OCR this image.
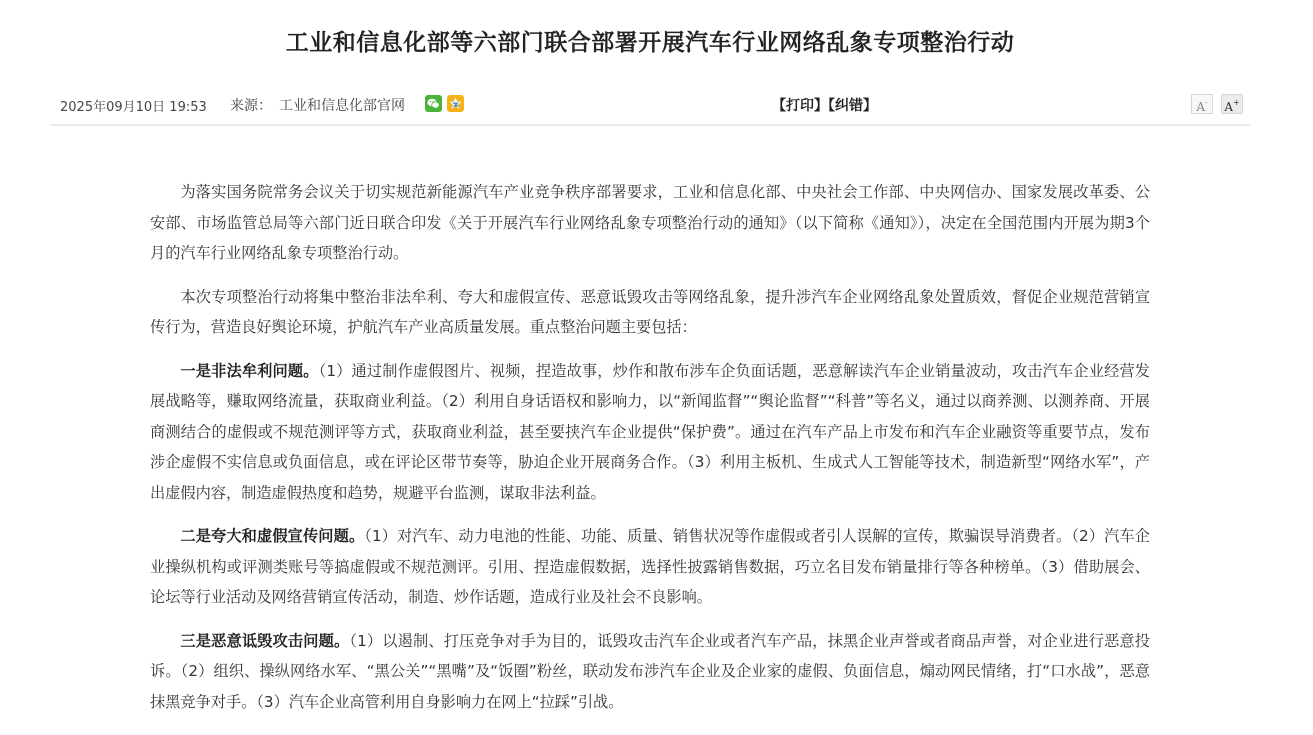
工业和信息化部等六部门联合部署开展汽车行业网络乱象专项整治行动
2025年09月10日 19:53 来源： 工业和信息化部官网	【打印】【纠错】	A-	A+

为落实国务院常务会议关于切实规范新能源汽车产业竞争秩序部署要求，工业和信息化部、中央社会工作部、中央网信办、国家发展改革委、公安部、市场监管总局等六部门近日联合印发《关于开展汽车行业网络乱象专项整治行动的通知》（以下简称《通知》），决定在全国范围内开展为期3个月的汽车行业网络乱象专项整治行动。

本次专项整治行动将集中整治非法牟利、夸大和虚假宣传、恶意诋毁攻击等网络乱象，提升涉汽车企业网络乱象处置质效，督促企业规范营销宣传行为，营造良好舆论环境，护航汽车产业高质量发展。重点整治问题主要包括：

一是非法牟利问题。（1）通过制作虚假图片、视频，捏造故事，炒作和散布涉车企负面话题，恶意解读汽车企业销量波动，攻击汽车企业经营发展战略等，赚取网络流量，获取商业利益。（2）利用自身话语权和影响力，以“新闻监督”“舆论监督”“科普”等名义，通过以商养测、以测养商、开展商测结合的虚假或不规范测评等方式，获取商业利益，甚至要挟汽车企业提供“保护费”。通过在汽车产品上市发布和汽车企业融资等重要节点，发布涉企虚假不实信息或负面信息，或在评论区带节奏等，胁迫企业开展商务合作。（3）利用主板机、生成式人工智能等技术，制造新型“网络水军”，产出虚假内容，制造虚假热度和趋势，规避平台监测，谋取非法利益。

二是夸大和虚假宣传问题。（1）对汽车、动力电池的性能、功能、质量、销售状况等作虚假或者引人误解的宣传，欺骗误导消费者。（2）汽车企业操纵机构或评测类账号等搞虚假或不规范测评。引用、捏造虚假数据，选择性披露销售数据，巧立名目发布销量排行等各种榜单。（3）借助展会、论坛等行业活动及网络营销宣传活动，制造、炒作话题，造成行业及社会不良影响。

三是恶意诋毁攻击问题。（1）以遏制、打压竞争对手为目的，诋毁攻击汽车企业或者汽车产品，抹黑企业声誉或者商品声誉，对企业进行恶意投诉。（2）组织、操纵网络水军、“黑公关”“黑嘴”及“饭圈”粉丝，联动发布涉汽车企业及企业家的虚假、负面信息，煽动网民情绪，打“口水战”，恶意抹黑竞争对手。（3）汽车企业高管利用自身影响力在网上“拉踩”引战。
